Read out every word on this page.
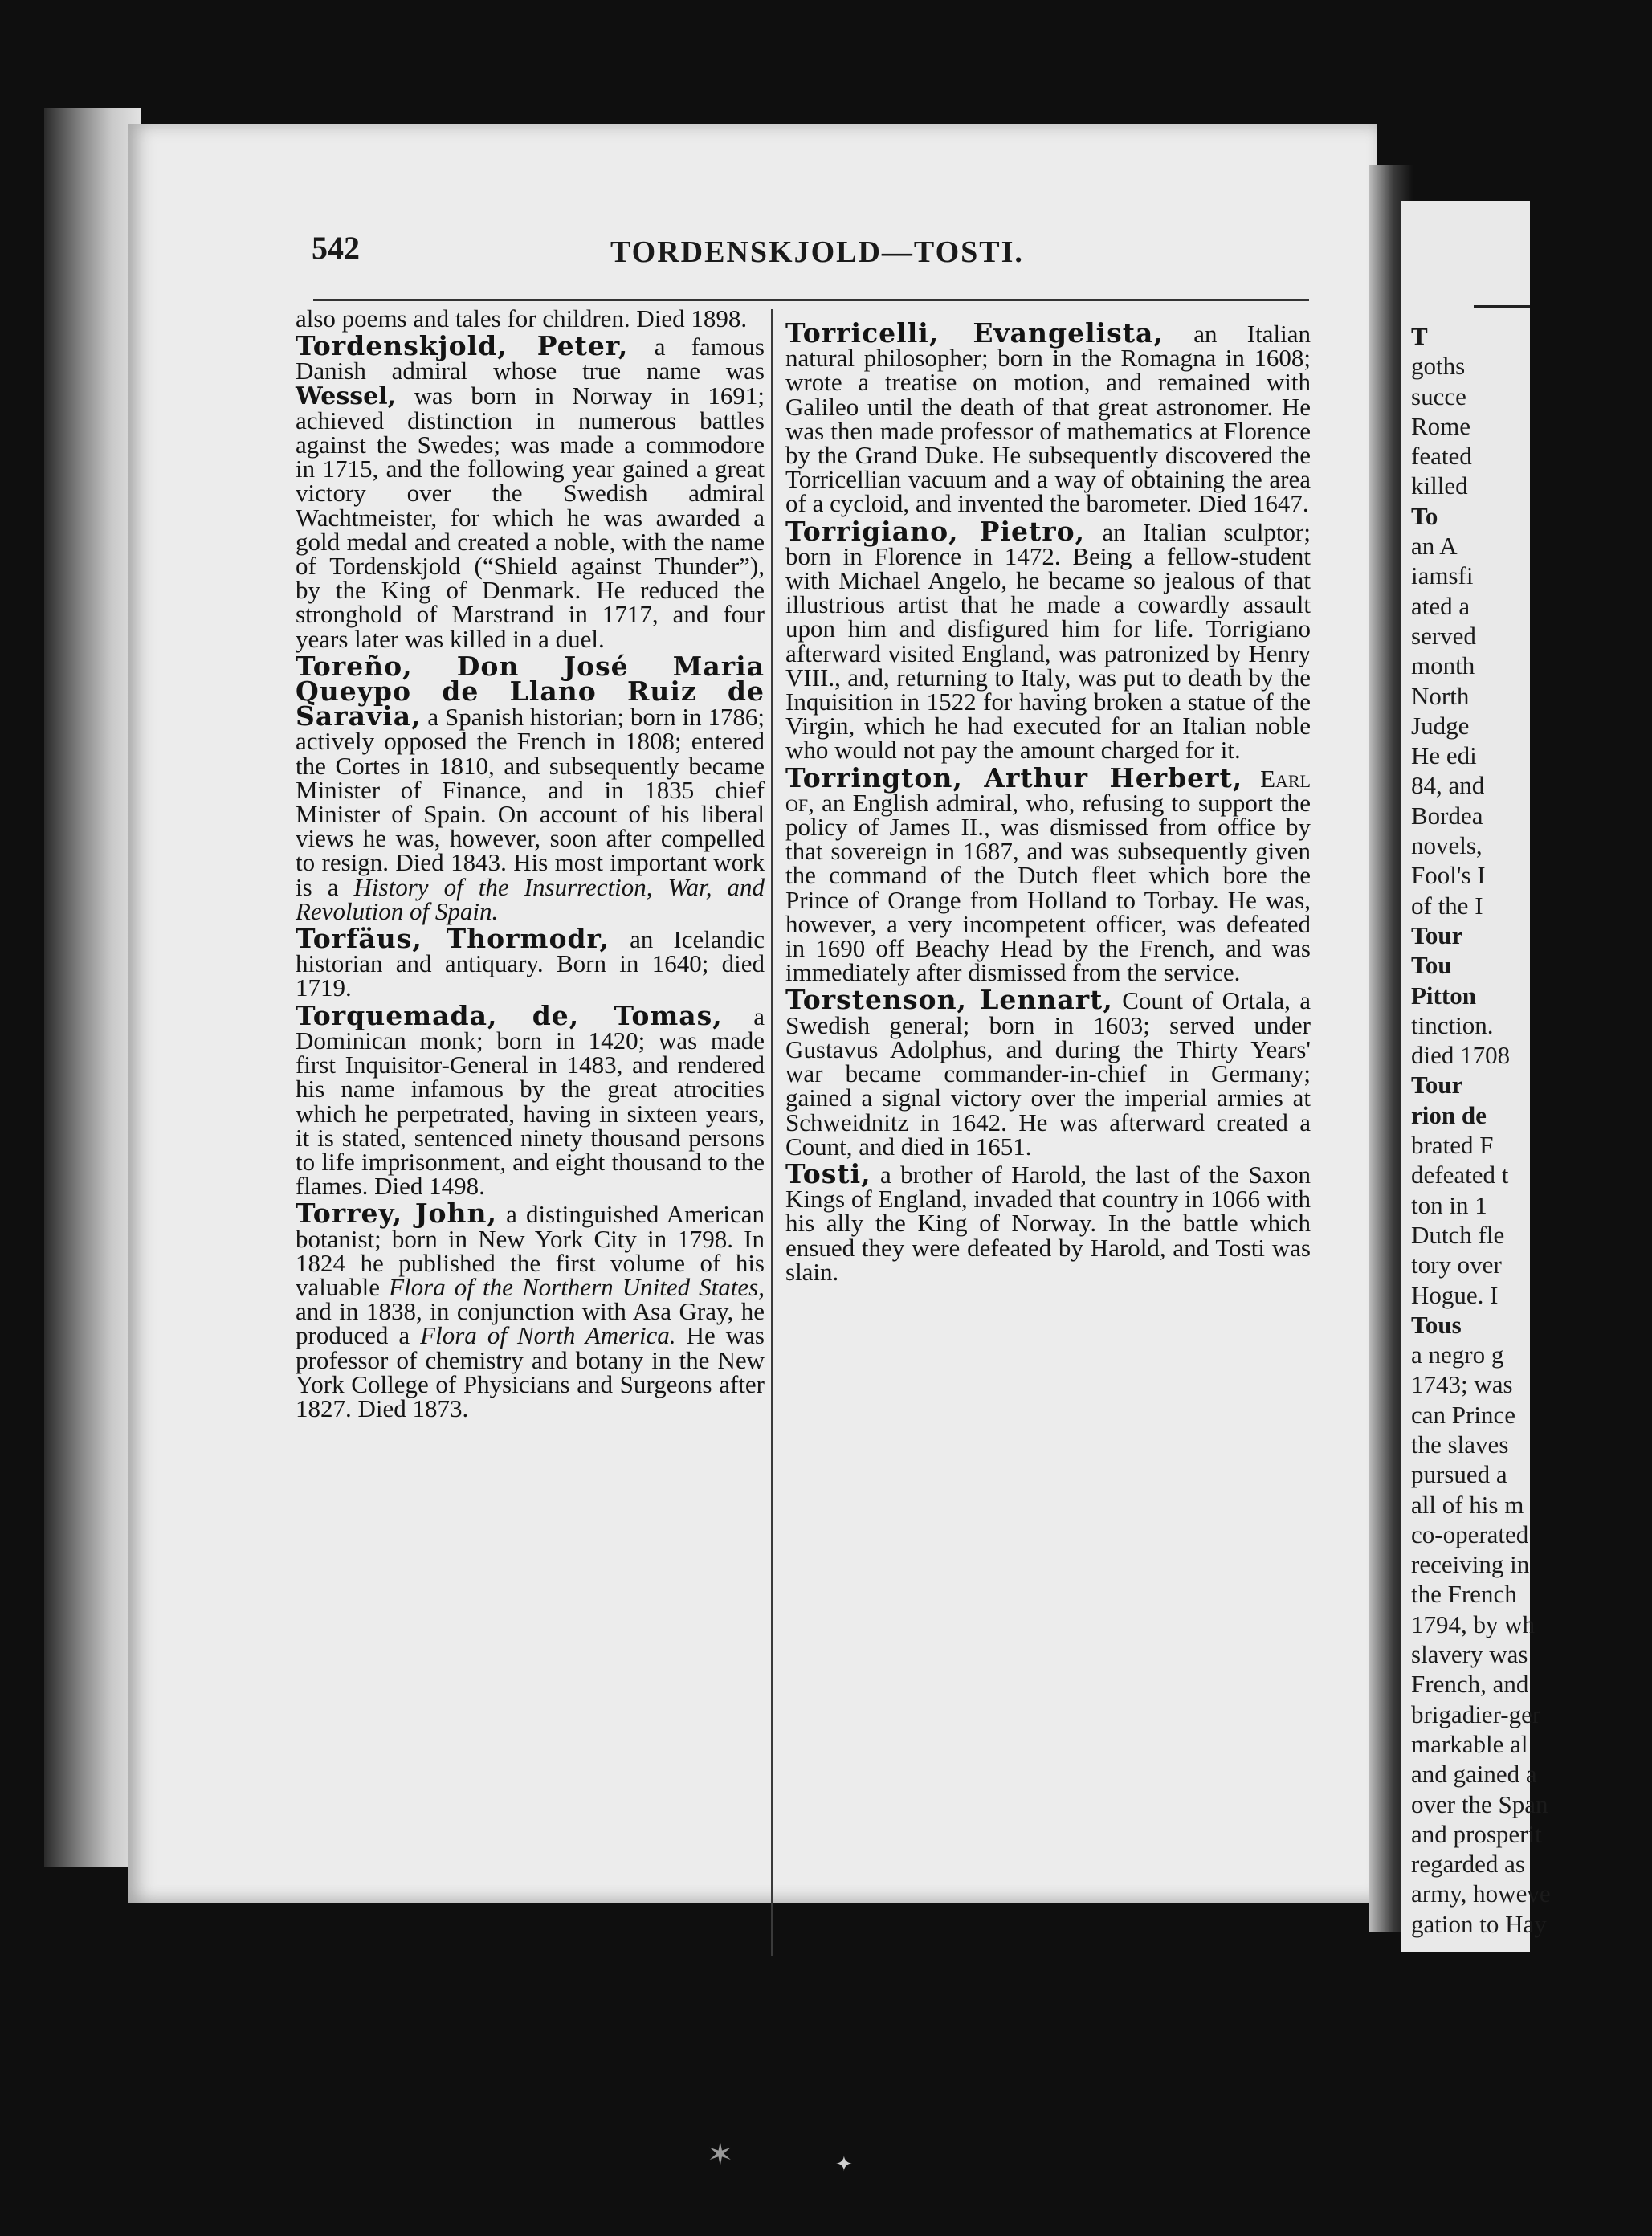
T
goths
succe
Rome
feated
killed
To
an A
iamsfi
ated a
served
month
North
Judge
He edi
84, and
Bordea
novels,
Fool's I
of the I
Tour
Tou
Pitton
tinction.
died 1708
Tour
rion de
brated F
defeated t
ton in 1
Dutch fle
tory over
Hogue. I
Tous
a negro g
1743; was
can Prince
the slaves
pursued a
all of his m
co-operated
receiving in
the French
1794, by wh
slavery was
French, and
brigadier-ger
markable al
and gained a
over the Span
and prosperit
regarded as
army, howeve
gation to Hay
542	TORDENSKJOLD—TOSTI.

also poems and tales for children. Died 1898.

Tordenskjold, Peter, a famous Danish admiral whose true name was Wessel, was born in Norway in 1691; achieved distinction in numerous battles against the Swedes; was made a commodore in 1715, and the following year gained a great victory over the Swedish admiral Wachtmeister, for which he was awarded a gold medal and created a noble, with the name of Tordenskjold (“Shield against Thunder”), by the King of Denmark. He reduced the stronghold of Marstrand in 1717, and four years later was killed in a duel.

Toreño, Don José Maria Queypo de Llano Ruiz de Saravia, a Spanish historian; born in 1786; actively opposed the French in 1808; entered the Cortes in 1810, and subsequently became Minister of Finance, and in 1835 chief Minister of Spain. On account of his liberal views he was, however, soon after compelled to resign. Died 1843. His most important work is a History of the Insurrection, War, and Revolution of Spain.

Torfäus, Thormodr, an Icelandic historian and antiquary. Born in 1640; died 1719.

Torquemada, de, Tomas, a Dominican monk; born in 1420; was made first Inquisitor-General in 1483, and rendered his name infamous by the great atrocities which he perpetrated, having in sixteen years, it is stated, sentenced ninety thousand persons to life imprisonment, and eight thousand to the flames. Died 1498.

Torrey, John, a distinguished American botanist; born in New York City in 1798. In 1824 he published the first volume of his valuable Flora of the Northern United States, and in 1838, in conjunction with Asa Gray, he produced a Flora of North America. He was professor of chemistry and botany in the New York College of Physicians and Surgeons after 1827. Died 1873.

Torricelli, Evangelista, an Italian natural philosopher; born in the Romagna in 1608; wrote a treatise on motion, and remained with Galileo until the death of that great astronomer. He was then made professor of mathematics at Florence by the Grand Duke. He subsequently discovered the Torricellian vacuum and a way of obtaining the area of a cycloid, and invented the barometer. Died 1647.

Torrigiano, Pietro, an Italian sculptor; born in Florence in 1472. Being a fellow-student with Michael Angelo, he became so jealous of that illustrious artist that he made a cowardly assault upon him and disfigured him for life. Torrigiano afterward visited England, was patronized by Henry VIII., and, returning to Italy, was put to death by the Inquisition in 1522 for having broken a statue of the Virgin, which he had executed for an Italian noble who would not pay the amount charged for it.

Torrington, Arthur Herbert, Earl of, an English admiral, who, refusing to support the policy of James II., was dismissed from office by that sovereign in 1687, and was subsequently given the command of the Dutch fleet which bore the Prince of Orange from Holland to Torbay. He was, however, a very incompetent officer, was defeated in 1690 off Beachy Head by the French, and was immediately after dismissed from the service.

Torstenson, Lennart, Count of Ortala, a Swedish general; born in 1603; served under Gustavus Adolphus, and during the Thirty Years' war became commander-in-chief in Germany; gained a signal victory over the imperial armies at Schweidnitz in 1642. He was afterward created a Count, and died in 1651.

Tosti, a brother of Harold, the last of the Saxon Kings of England, invaded that country in 1066 with his ally the King of Norway. In the battle which ensued they were defeated by Harold, and Tosti was slain.

✶	✦
